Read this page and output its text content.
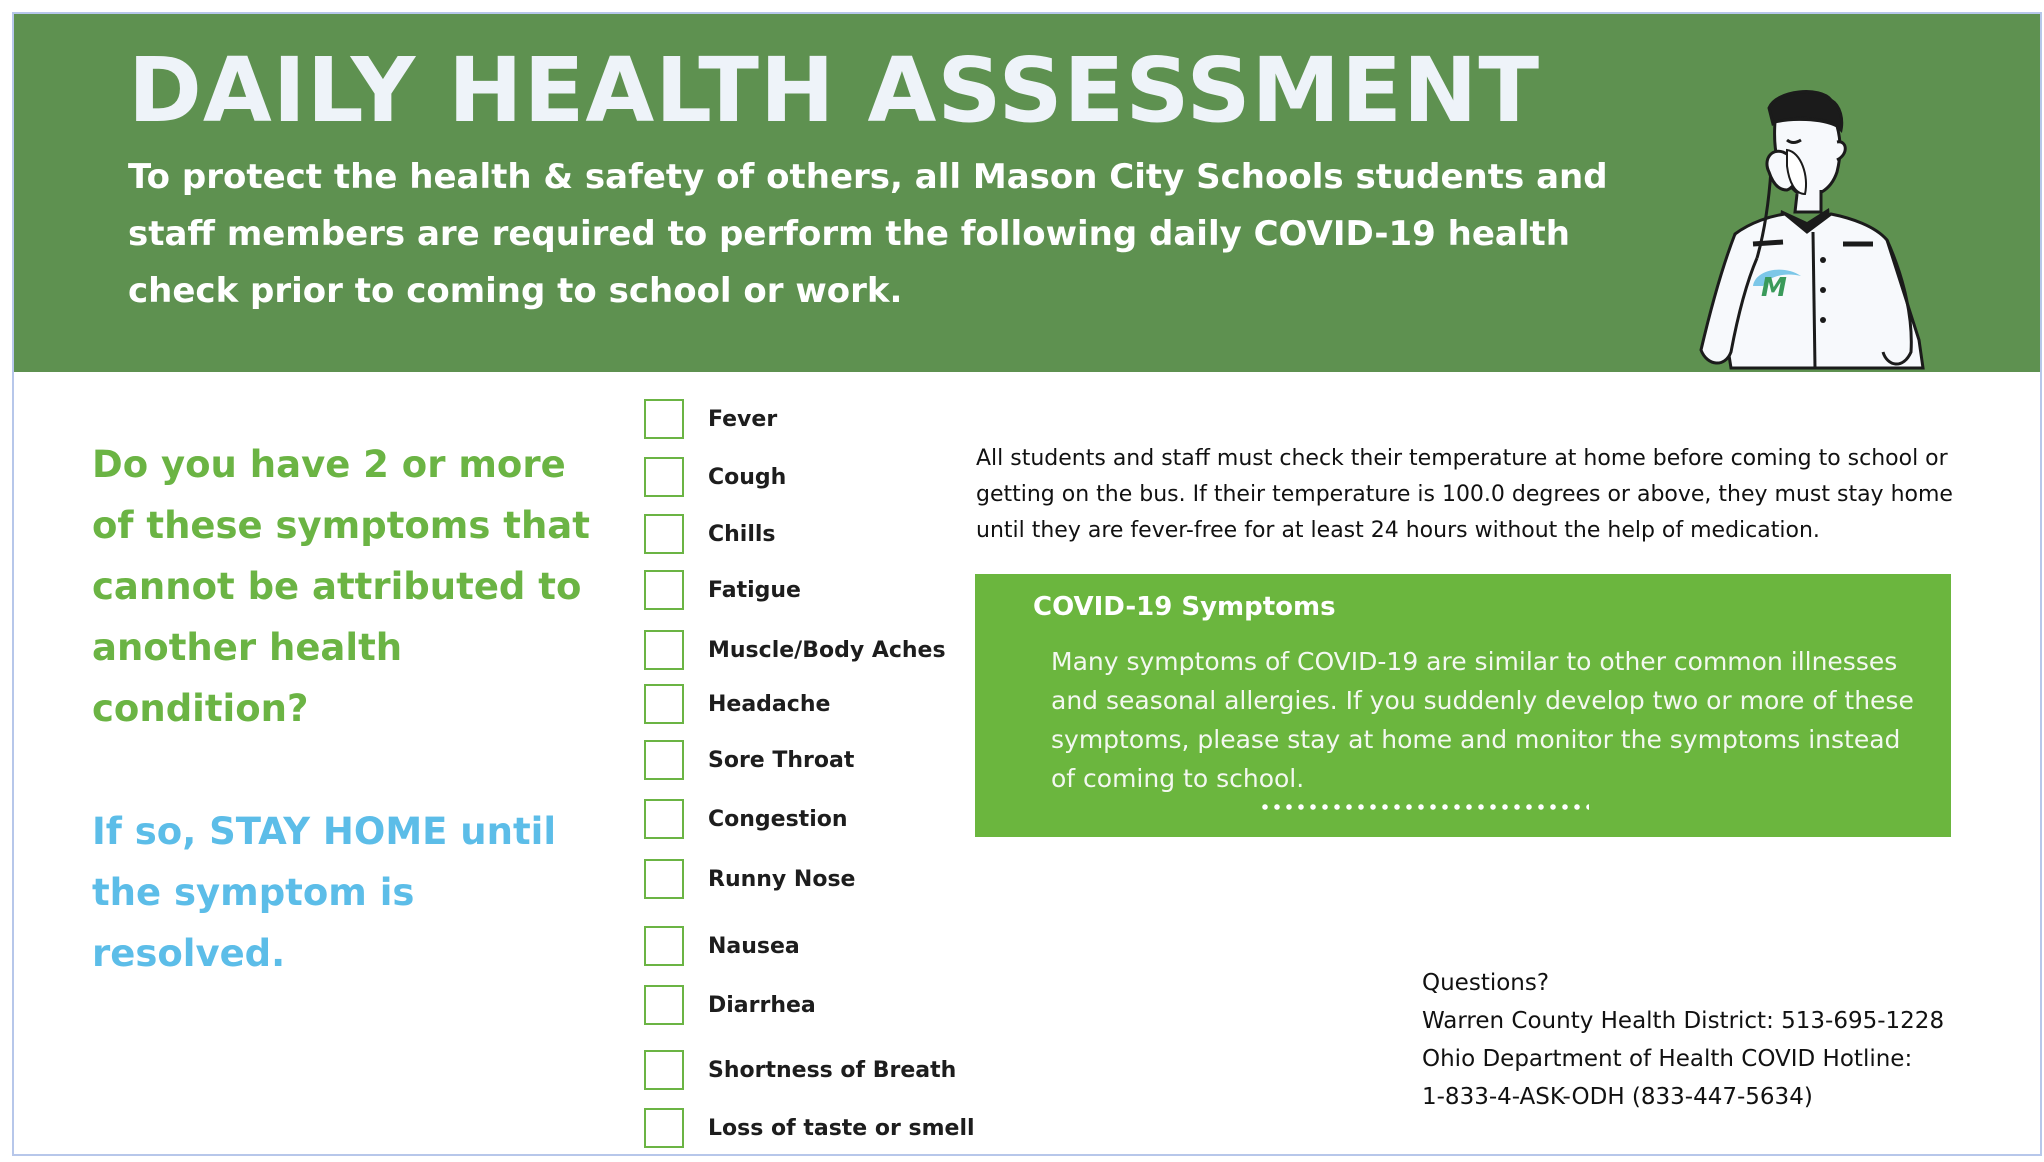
DAILY HEALTH ASSESSMENT

To protect the health & safety of others, all Mason City Schools students and staff members are required to perform the following daily COVID-19 health check prior to coming to school or work.	M

Do you have 2 or more of these symptoms that cannot be attributed to another health condition?

If so, STAY HOME until the symptom is resolved.

Fever
Cough
Chills
Fatigue
Muscle/Body Aches
Headache
Sore Throat
Congestion
Runny Nose
Nausea
Diarrhea
Shortness of Breath
Loss of taste or smell

All students and staff must check their temperature at home before coming to school or getting on the bus. If their temperature is 100.0 degrees or above, they must stay home until they are fever-free for at least 24 hours without the help of medication.

COVID-19 Symptoms

Many symptoms of COVID-19 are similar to other common illnesses and seasonal allergies. If you suddenly develop two or more of these symptoms, please stay at home and monitor the symptoms instead of coming to school.

Questions?
Warren County Health District: 513-695-1228
Ohio Department of Health COVID Hotline:
1-833-4-ASK-ODH (833-447-5634)
